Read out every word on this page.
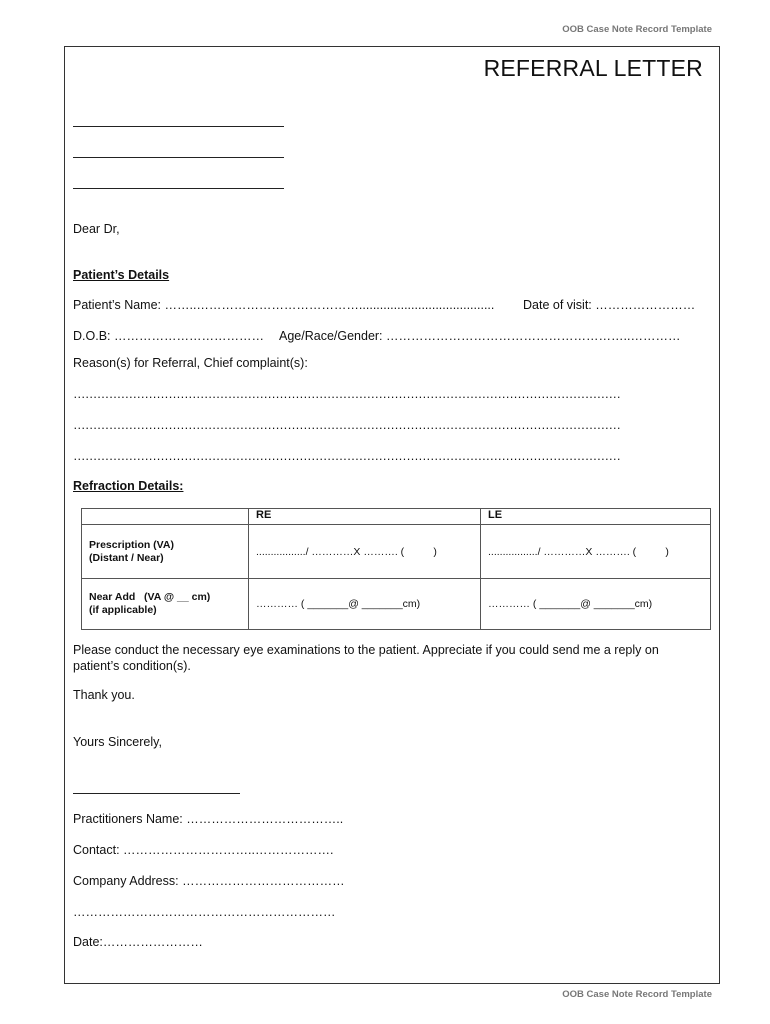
OOB Case Note Record Template
REFERRAL LETTER
Dear Dr,
Patient’s Details
Patient’s Name: ……..…………………………………....................................... Date of visit: ……………………
D.O.B: ……………………………… Age/Race/Gender: …………………………………………………..…………
Reason(s) for Referral, Chief complaint(s):
…………………………………………………………………………………………………………………………
…………………………………………………………………………………………………………………………
…………………………………………………………………………………………………………………………
Refraction Details:
	RE	LE

Prescription (VA)
(Distant / Near)	................./ …………X ………. (          )	................./ …………X ………. (          )

Near Add   (VA @ __ cm)
(if applicable)	………… ( _______@ _______cm)	………… ( _______@ _______cm)
Please conduct the necessary eye examinations to the patient. Appreciate if you could send me a reply on patient’s condition(s).
Thank you.
Yours Sincerely,
Practitioners Name: ………………………………..
Contact: …………………………..……………….
Company Address: …………………………………
………………………………………………………
Date:……………………
OOB Case Note Record Template
